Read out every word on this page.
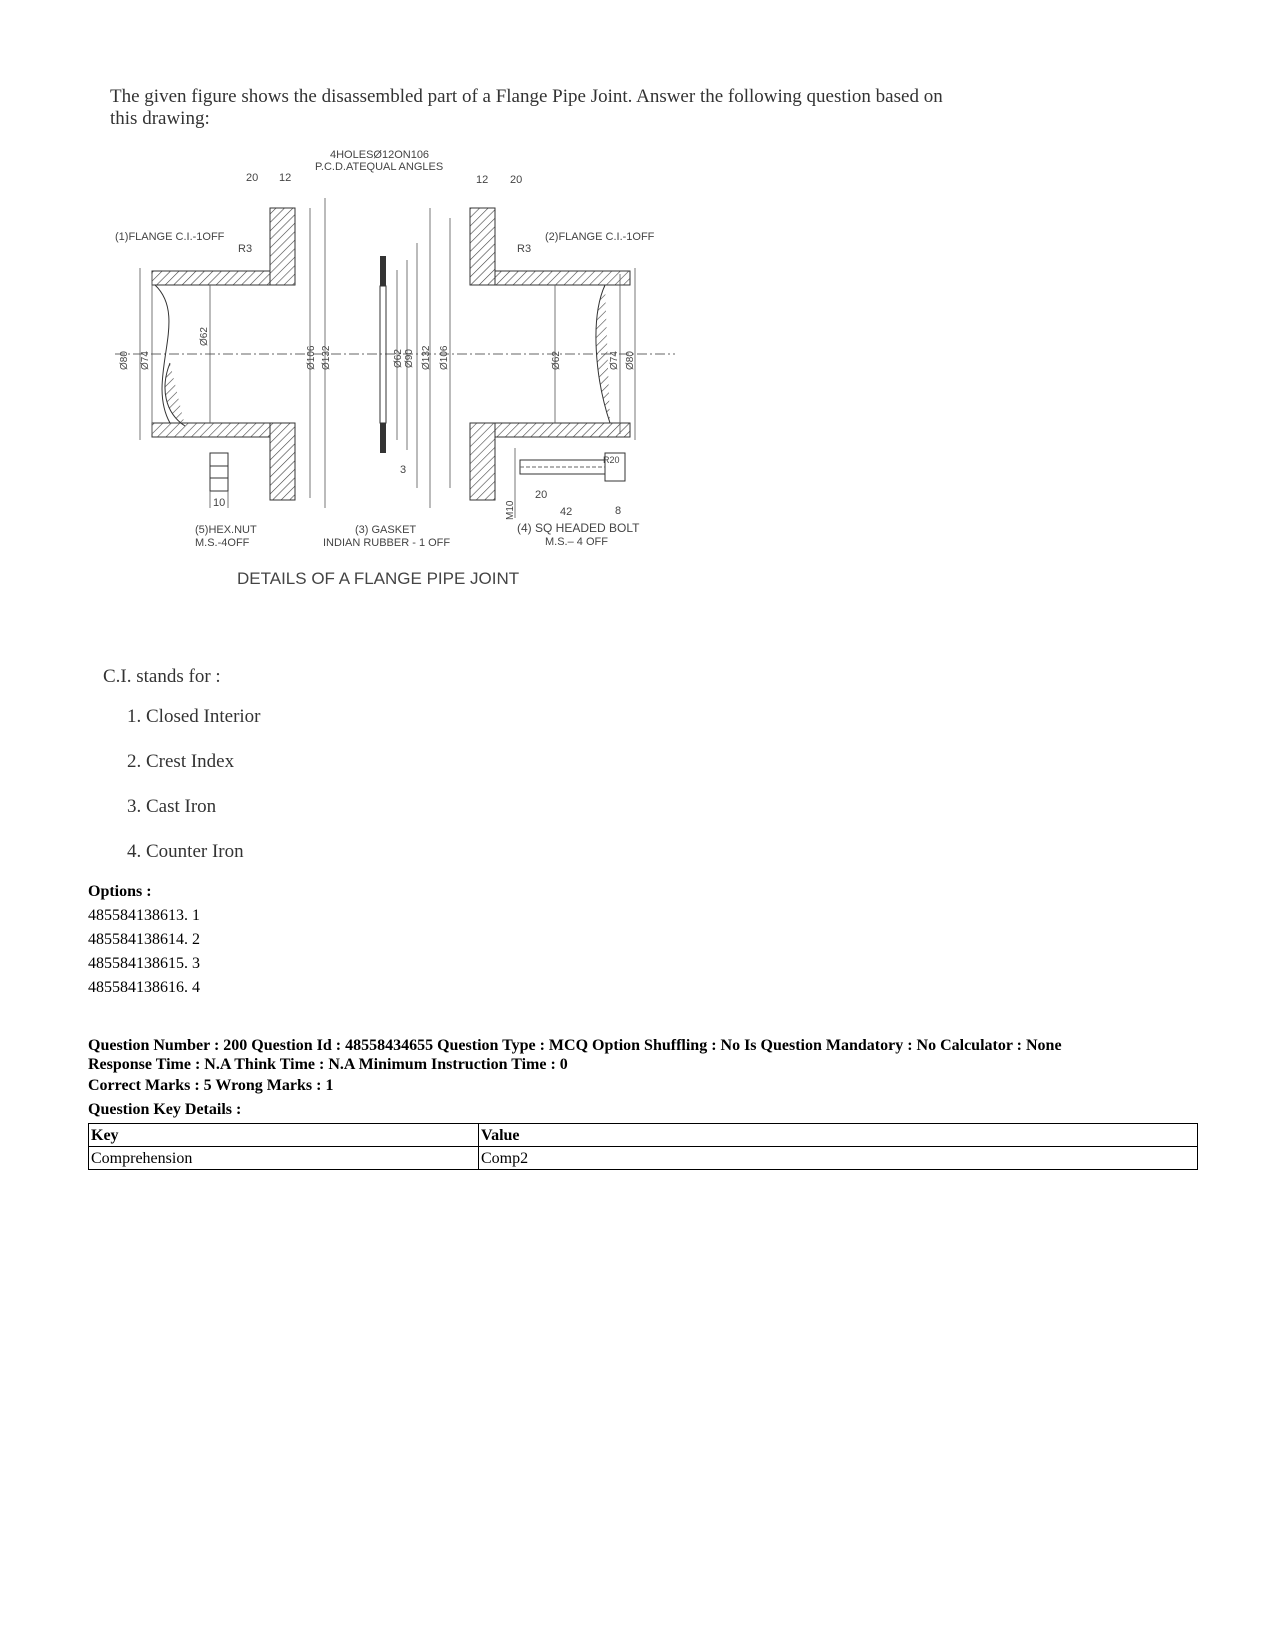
The given figure shows the disassembled part of a Flange Pipe Joint. Answer the following question based on
this drawing:
4HOLESØ12ON106
P.C.D.ATEQUAL ANGLES
20 12	12 20
(1)FLANGE C.I.-1OFF	(2)FLANGE C.I.-1OFF
R3	R3
Ø80 Ø74
Ø62
Ø106 Ø132	Ø62 Ø90 Ø132 Ø106	Ø62	Ø74 Ø80
3
10	M10
20
42	8
R20
(5)HEX.NUT
M.S.-4OFF
(3) GASKET
INDIAN RUBBER - 1 OFF
(4) SQ HEADED BOLT
M.S.– 4 OFF
DETAILS OF A FLANGE PIPE JOINT
C.I. stands for :
1. Closed Interior
2. Crest Index
3. Cast Iron
4. Counter Iron
Options :
485584138613. 1
485584138614. 2
485584138615. 3
485584138616. 4
Question Number : 200 Question Id : 48558434655 Question Type : MCQ Option Shuffling : No Is Question Mandatory : No Calculator : None
Response Time : N.A Think Time : N.A Minimum Instruction Time : 0
Correct Marks : 5 Wrong Marks : 1
Question Key Details :
Key	Value
Comprehension	Comp2
